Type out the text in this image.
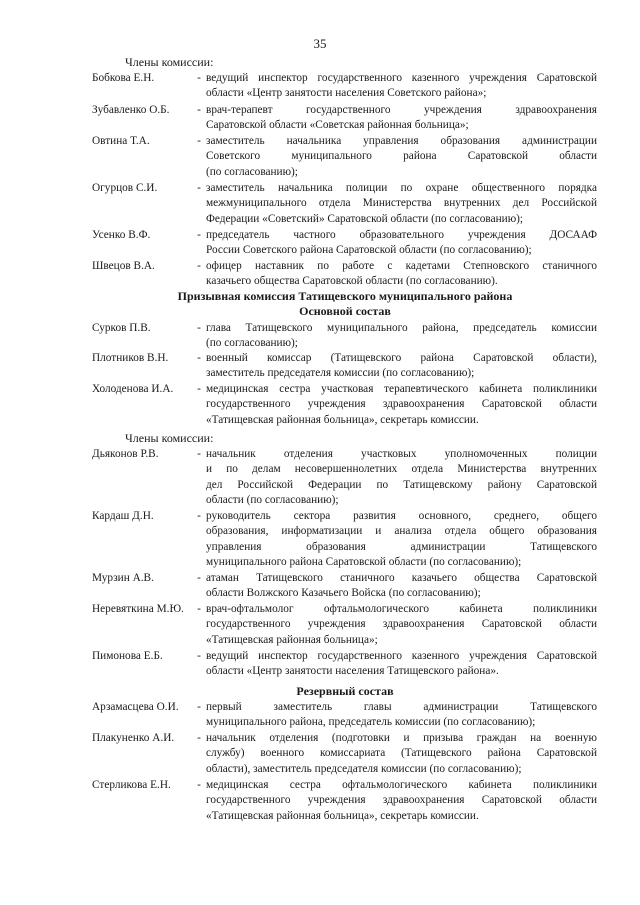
35
Члены комиссии:
Бобкова Е.Н.	- ведущий инспектор государственного казенного учреждения Саратовской
области «Центр занятости населения Советского района»;
Зубавленко О.Б.	- врач-терапевт государственного учреждения здравоохранения
Саратовской области «Советская районная больница»;
Овтина Т.А.	- заместитель начальника управления образования администрации
Советского муниципального района Саратовской области
(по согласованию);
Огурцов С.И.	- заместитель начальника полиции по охране общественного порядка
межмуниципального отдела Министерства внутренних дел Российской
Федерации «Советский» Саратовской области (по согласованию);
Усенко В.Ф.	- председатель частного образовательного учреждения ДОСААФ
России Советского района Саратовской области (по согласованию);
Швецов В.А.	- офицер наставник по работе с кадетами Степновского станичного
казачьего общества Саратовской области (по согласованию).
Призывная комиссия Татищевского муниципального района
Основной состав
Сурков П.В.	- глава Татищевского муниципального района, председатель комиссии
(по согласованию);
Плотников В.Н.	- военный комиссар (Татищевского района Саратовской области),
заместитель председателя комиссии (по согласованию);
Холоденова И.А.	- медицинская сестра участковая терапевтического кабинета поликлиники
государственного учреждения здравоохранения Саратовской области
«Татищевская районная больница», секретарь комиссии.
Члены комиссии:
Дьяконов Р.В.	- начальник отделения участковых уполномоченных полиции
и по делам несовершеннолетних отдела Министерства внутренних
дел Российской Федерации по Татищевскому району Саратовской
области (по согласованию);
Кардаш Д.Н.	- руководитель сектора развития основного, среднего, общего
образования, информатизации и анализа отдела общего образования
управления образования администрации Татищевского
муниципального района Саратовской области (по согласованию);
Мурзин А.В.	- атаман Татищевского станичного казачьего общества Саратовской
области Волжского Казачьего Войска (по согласованию);
Неревяткина М.Ю.	- врач-офтальмолог офтальмологического кабинета поликлиники
государственного учреждения здравоохранения Саратовской области
«Татищевская районная больница»;
Пимонова Е.Б.	- ведущий инспектор государственного казенного учреждения Саратовской
области «Центр занятости населения Татищевского района».
Резервный состав
Арзамасцева О.И.	- первый заместитель главы администрации Татищевского
муниципального района, председатель комиссии (по согласованию);
Плакуненко А.И.	- начальник отделения (подготовки и призыва граждан на военную
службу) военного комиссариата (Татищевского района Саратовской
области), заместитель председателя комиссии (по согласованию);
Стерликова Е.Н.	- медицинская сестра офтальмологического кабинета поликлиники
государственного учреждения здравоохранения Саратовской области
«Татищевская районная больница», секретарь комиссии.
